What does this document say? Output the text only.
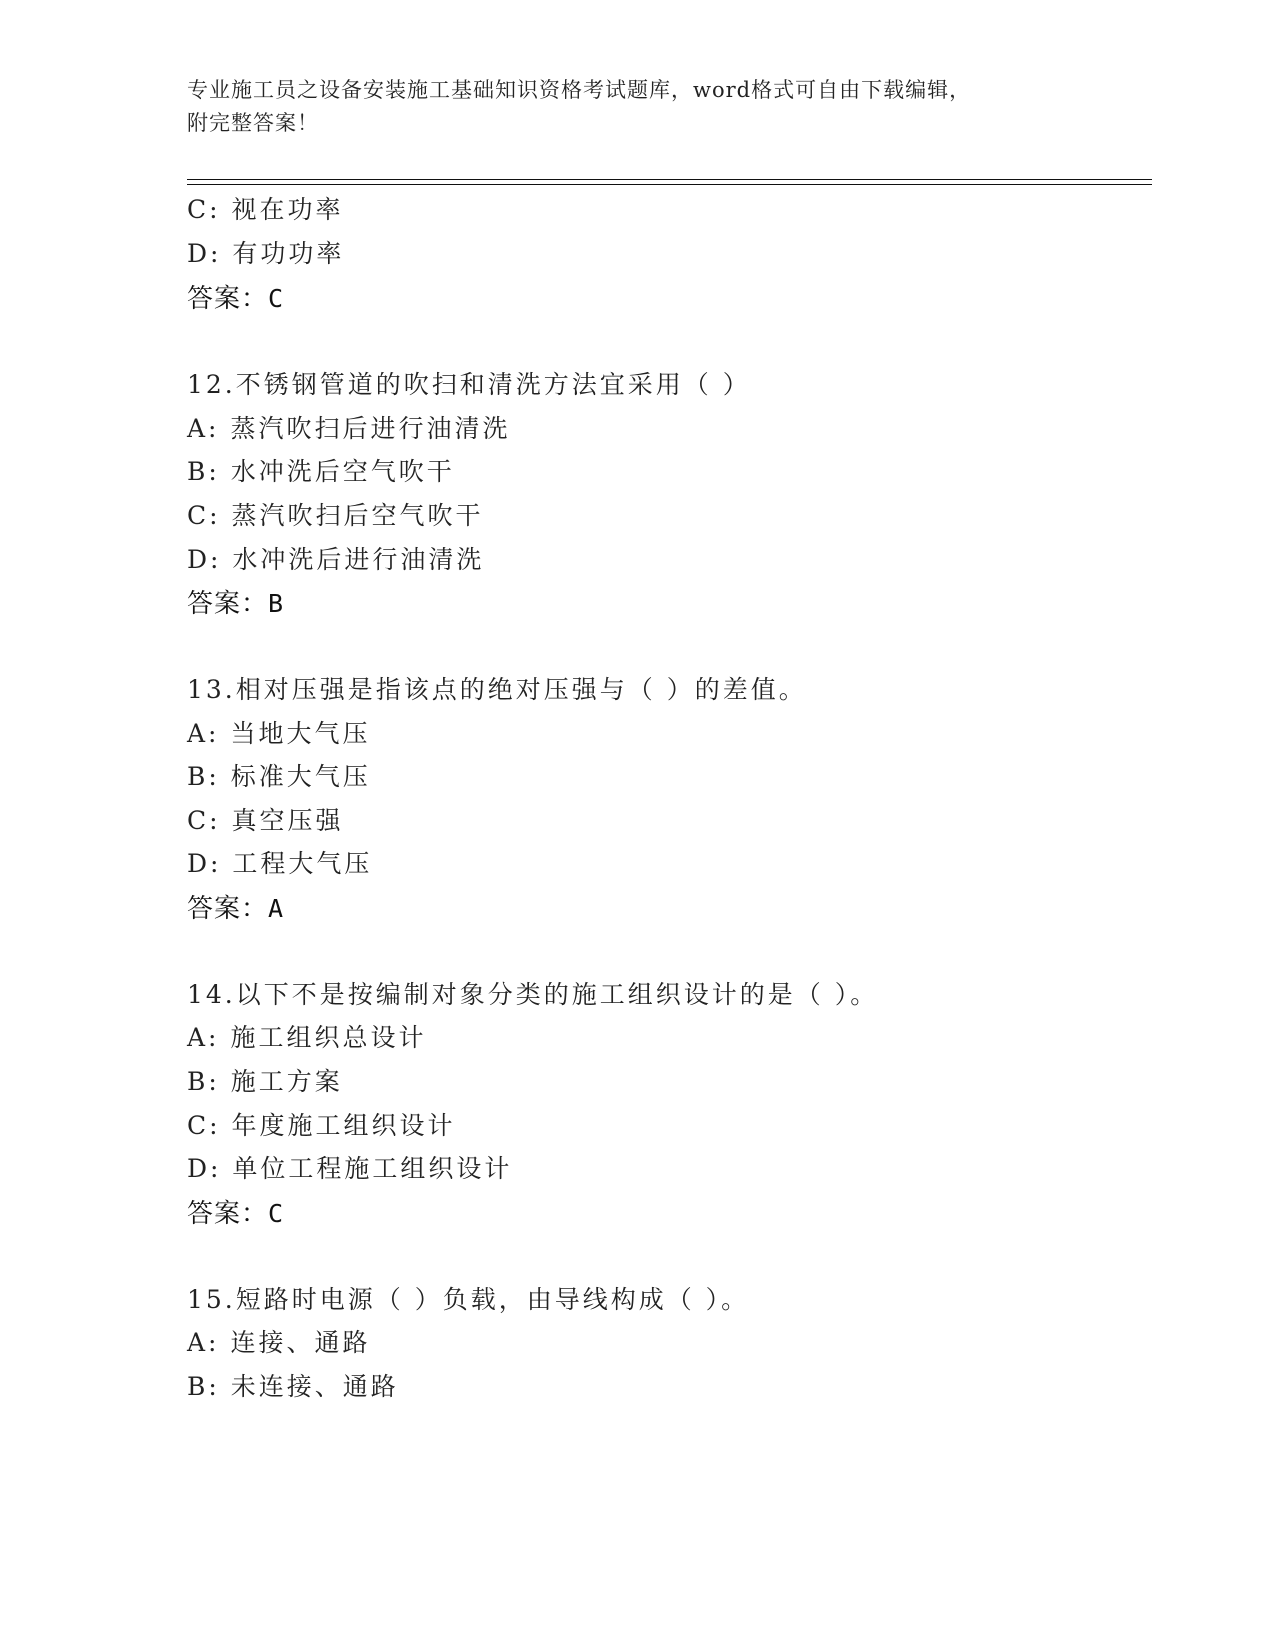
专业施工员之设备安装施工基础知识资格考试题库，word格式可自由下载编辑，
附完整答案！
C: 视在功率
D: 有功功率
答案：C
12.不锈钢管道的吹扫和清洗方法宜采用（ ）
A: 蒸汽吹扫后进行油清洗
B: 水冲洗后空气吹干
C: 蒸汽吹扫后空气吹干
D: 水冲洗后进行油清洗
答案：B
13.相对压强是指该点的绝对压强与（ ）的差值。
A: 当地大气压
B: 标准大气压
C: 真空压强
D: 工程大气压
答案：A
14.以下不是按编制对象分类的施工组织设计的是（ ）。
A: 施工组织总设计
B: 施工方案
C: 年度施工组织设计
D: 单位工程施工组织设计
答案：C
15.短路时电源（ ）负载，由导线构成（ ）。
A: 连接、通路
B: 未连接、通路
